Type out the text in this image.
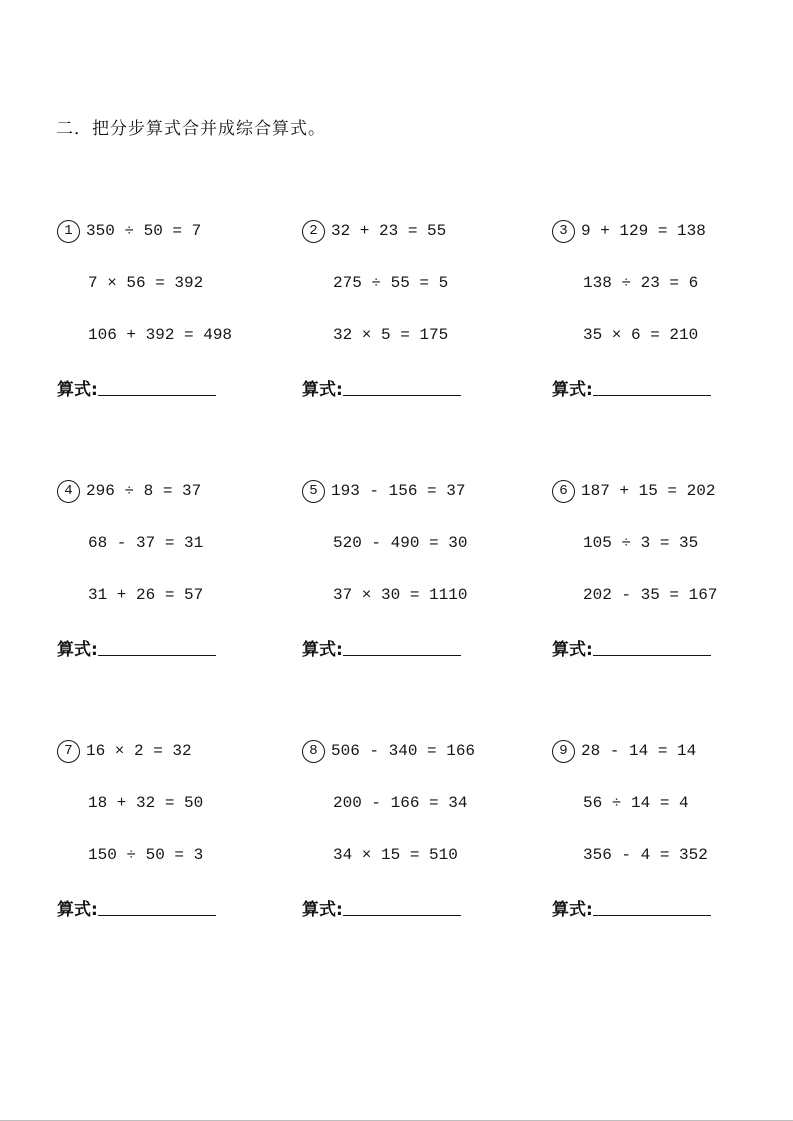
二．把分步算式合并成综合算式。
1 350 ÷ 50 = 7
7 × 56 = 392
106 + 392 = 498
算式:
2 32 + 23 = 55
275 ÷ 55 = 5
32 × 5 = 175
算式:
3 9 + 129 = 138
138 ÷ 23 = 6
35 × 6 = 210
算式:
4 296 ÷ 8 = 37
68 - 37 = 31
31 + 26 = 57
算式:
5 193 - 156 = 37
520 - 490 = 30
37 × 30 = 1110
算式:
6 187 + 15 = 202
105 ÷ 3 = 35
202 - 35 = 167
算式:
7 16 × 2 = 32
18 + 32 = 50
150 ÷ 50 = 3
算式:
8 506 - 340 = 166
200 - 166 = 34
34 × 15 = 510
算式:
9 28 - 14 = 14
56 ÷ 14 = 4
356 - 4 = 352
算式:
